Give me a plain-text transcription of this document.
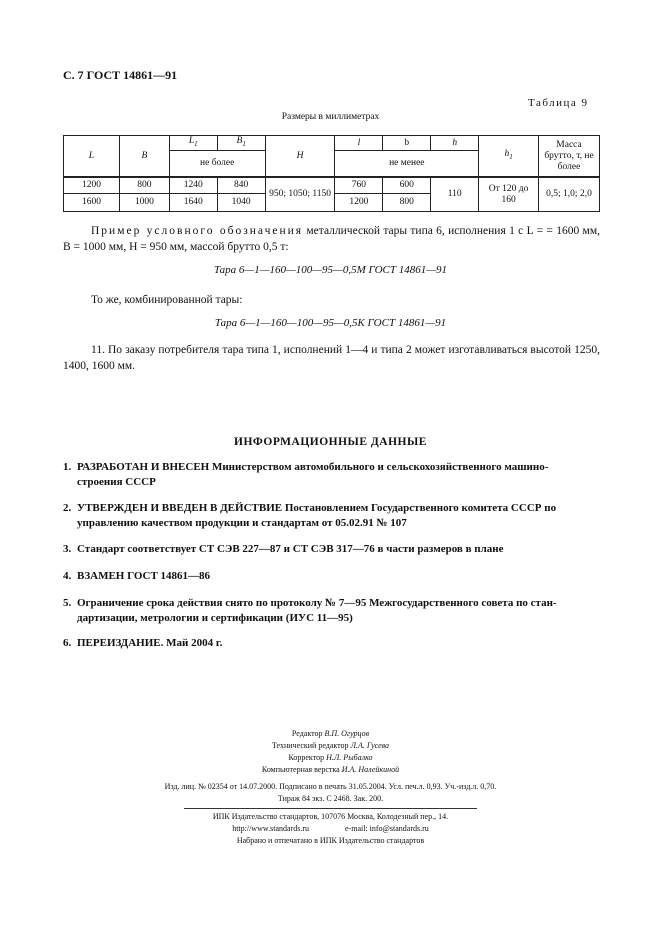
С. 7 ГОСТ 14861—91
Таблица 9
Размеры в миллиметрах
L	B	$L_1$	$B_1$	H	l	b	h	$h_1$	Масса брутто, т, не более
		не более			не менее				
1200	800	1240	840	950; 1050; 1150	760	600	110	От 120 до 160	0,5; 1,0; 2,0
1600	1000	1640	1040		1200	800			
Пример условного обозначения металлической тары типа 6, исполнения 1 с L = = 1600 мм, B = 1000 мм, H = 950 мм, массой брутто 0,5 т:
Тара 6—1—160—100—95—0,5М ГОСТ 14861—91
То же, комбинированной тары:
Тара 6—1—160—100—95—0,5К ГОСТ 14861—91
11. По заказу потребителя тара типа 1, исполнений 1—4 и типа 2 может изготавливаться высотой 1250, 1400, 1600 мм.
ИНФОРМАЦИОННЫЕ ДАННЫЕ
1. РАЗРАБОТАН И ВНЕСЕН Министерством автомобильного и сельскохозяйственного машино-
строения СССР
2. УТВЕРЖДЕН И ВВЕДЕН В ДЕЙСТВИЕ Постановлением Государственного комитета СССР по
управлению качеством продукции и стандартам от 05.02.91 № 107
3. Стандарт соответствует СТ СЭВ 227—87 и СТ СЭВ 317—76 в части размеров в плане
4. ВЗАМЕН ГОСТ 14861—86
5. Ограничение срока действия снято по протоколу № 7—95 Межгосударственного совета по стан-
дартизации, метрологии и сертификации (ИУС 11—95)
6. ПЕРЕИЗДАНИЕ. Май 2004 г.
Редактор В.П. Огурцов
Технический редактор Л.А. Гусева
Корректор Н.Л. Рыбалко
Компьютерная верстка И.А. Налейкиной
Изд. лиц. № 02354 от 14.07.2000. Подписано в печать 31.05.2004. Усл. печ.л. 0,93. Уч.-изд.л. 0,70.
Тираж 84 экз. С 2468. Зак. 200.
ИПК Издательство стандартов, 107076 Москва, Колодезный пер., 14.
http://www.standards.ru	e-mail: info@standards.ru
Набрано и отпечатано в ИПК Издательство стандартов
